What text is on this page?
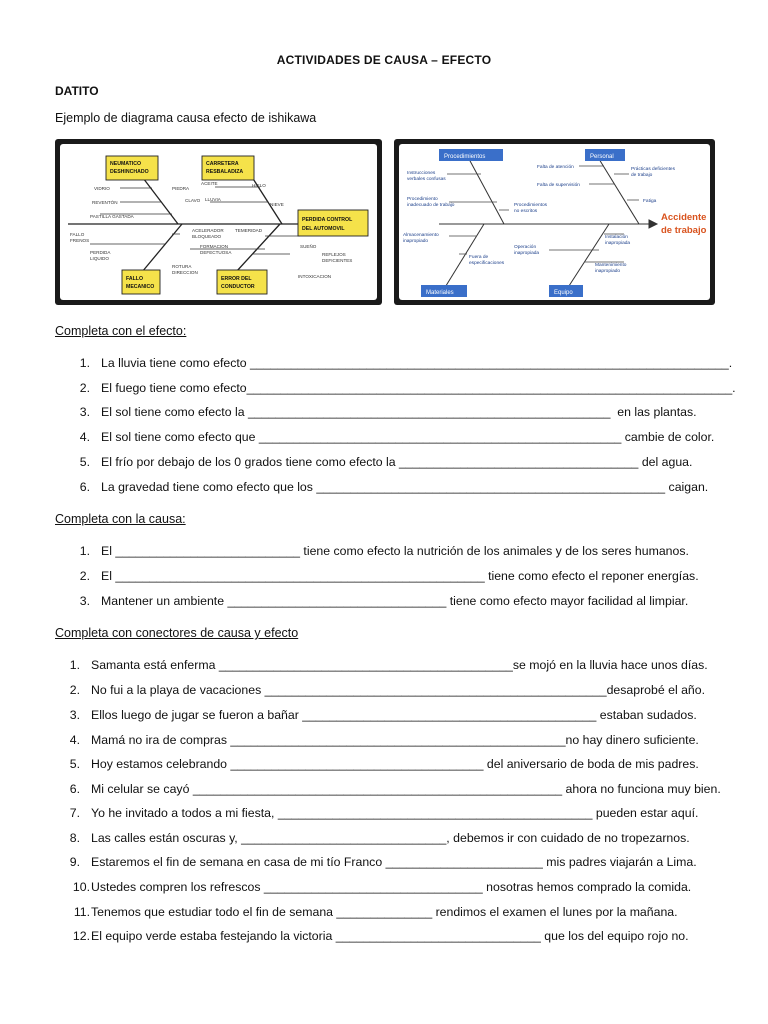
ACTIVIDADES DE CAUSA – EFECTO
DATITO
Ejemplo de diagrama causa efecto de ishikawa
NEUMATICO
DESHINCHADO
CARRETERA
RESBALADIZA
PERDIDA CONTROL
DEL AUTOMOVIL
FALLO
MECANICO
ERROR DEL
CONDUCTOR
VIDRIO	PIEDRA
REVENTÓN	CLAVO
PASTILLA GASTADA
FALLO
FRENOS
PERDIDA
LIQUIDO
ACEITE	HIELO
LLUVIA
NIEVE
ACELERADOR
BLOQUEADO
FORMACION
DEFECTUOSA
ROTURA
DIRECCION
TEMERIDAD
SUEÑO
REFLEJOS
DEFICIENTES
INTOXICACION
Procedimientos	Personal
Materiales	Equipo
Accidente
de trabajo
Instrucciones
verbales confusas
Procedimiento
inadecuado de trabajo	Procedimientos
no escritos
Falta de atención	Prácticas deficientes
de trabajo
Falta de supervisión
Fatiga
Almacenamiento
inapropiado
Fuera de
especificaciones
Operación
inapropiada
Instalación
inapropiada
Mantenimiento
inapropiado
Completa con el efecto:
1. La lluvia tiene como efecto ______________________________________________________________________.
2. El fuego tiene como efecto_______________________________________________________________________.
3. El sol tiene como efecto la _____________________________________________________  en las plantas.
4. El sol tiene como efecto que _____________________________________________________ cambie de color.
5. El frío por debajo de los 0 grados tiene como efecto la ___________________________________ del agua.
6. La gravedad tiene como efecto que los ___________________________________________________ caigan.
Completa con la causa:
1. El ___________________________ tiene como efecto la nutrición de los animales y de los seres humanos.
2. El ______________________________________________________ tiene como efecto el reponer energías.
3. Mantener un ambiente ________________________________ tiene como efecto mayor facilidad al limpiar.
Completa con conectores de causa y efecto
1. Samanta está enferma ___________________________________________se mojó en la lluvia hace unos días.
2. No fui a la playa de vacaciones __________________________________________________desaprobé el año.
3. Ellos luego de jugar se fueron a bañar ___________________________________________ estaban sudados.
4. Mamá no ira de compras _________________________________________________no hay dinero suficiente.
5. Hoy estamos celebrando _____________________________________ del aniversario de boda de mis padres.
6. Mi celular se cayó ______________________________________________________ ahora no funciona muy bien.
7. Yo he invitado a todos a mi fiesta, ______________________________________________ pueden estar aquí.
8. Las calles están oscuras y, ______________________________, debemos ir con cuidado de no tropezarnos.
9. Estaremos el fin de semana en casa de mi tío Franco _______________________ mis padres viajarán a Lima.
10. Ustedes compren los refrescos ________________________________ nosotras hemos comprado la comida.
11. Tenemos que estudiar todo el fin de semana ______________ rendimos el examen el lunes por la mañana.
12. El equipo verde estaba festejando la victoria ______________________________ que los del equipo rojo no.
